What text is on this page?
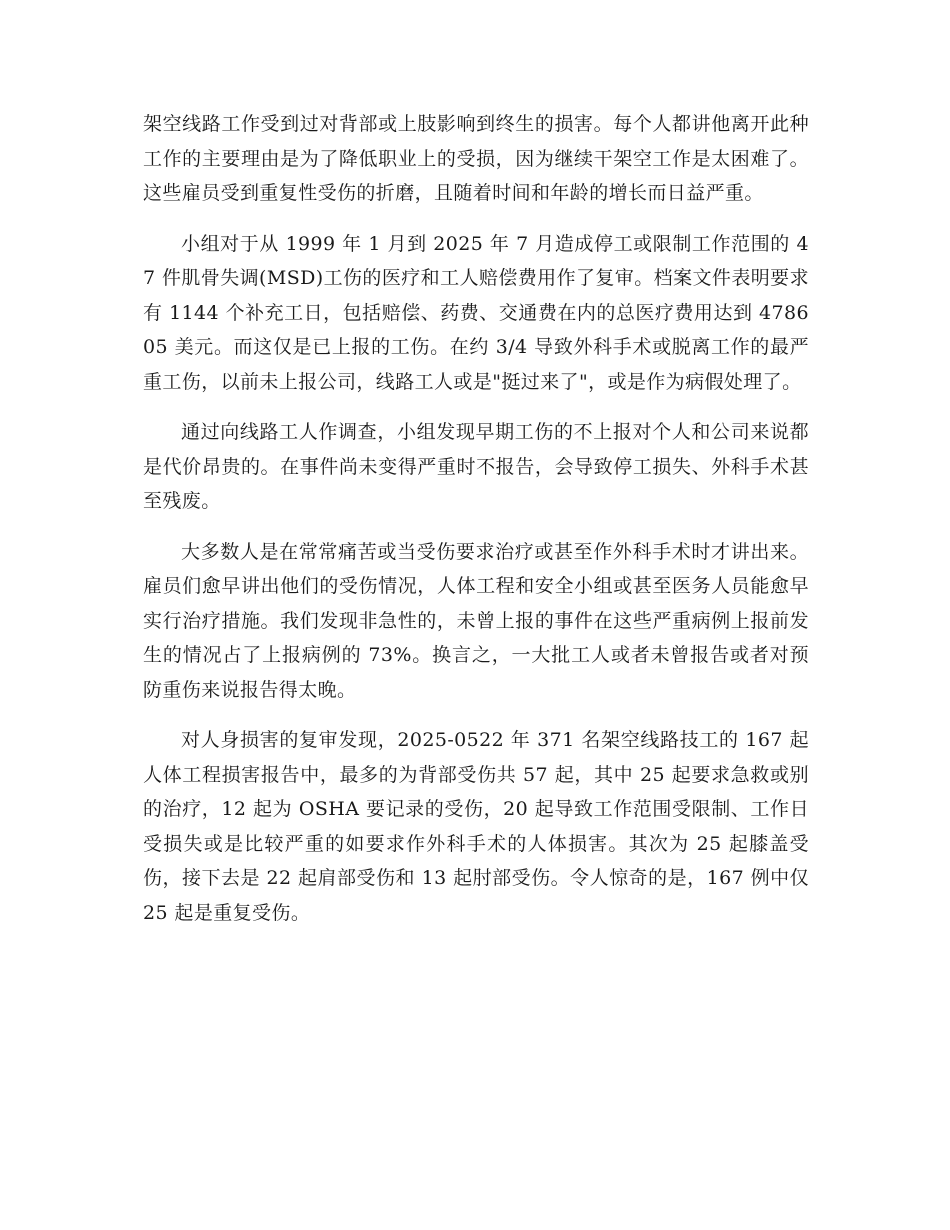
架空线路工作受到过对背部或上肢影响到终生的损害。每个人都讲他离开此种工作的主要理由是为了降低职业上的受损，因为继续干架空工作是太困难了。这些雇员受到重复性受伤的折磨，且随着时间和年龄的增长而日益严重。

小组对于从 1999 年 1 月到 2025 年 7 月造成停工或限制工作范围的 47 件肌骨失调(MSD)工伤的医疗和工人赔偿费用作了复审。档案文件表明要求有 1144 个补充工日，包括赔偿、药费、交通费在内的总医疗费用达到 478605 美元。而这仅是已上报的工伤。在约 3/4 导致外科手术或脱离工作的最严重工伤，以前未上报公司，线路工人或是"挺过来了"，或是作为病假处理了。

通过向线路工人作调查，小组发现早期工伤的不上报对个人和公司来说都是代价昂贵的。在事件尚未变得严重时不报告，会导致停工损失、外科手术甚至残废。

大多数人是在常常痛苦或当受伤要求治疗或甚至作外科手术时才讲出来。雇员们愈早讲出他们的受伤情况，人体工程和安全小组或甚至医务人员能愈早实行治疗措施。我们发现非急性的，未曾上报的事件在这些严重病例上报前发生的情况占了上报病例的 73%。换言之，一大批工人或者未曾报告或者对预防重伤来说报告得太晚。

对人身损害的复审发现，2025-0522 年 371 名架空线路技工的 167 起人体工程损害报告中，最多的为背部受伤共 57 起，其中 25 起要求急救或别的治疗，12 起为 OSHA 要记录的受伤，20 起导致工作范围受限制、工作日受损失或是比较严重的如要求作外科手术的人体损害。其次为 25 起膝盖受伤，接下去是 22 起肩部受伤和 13 起肘部受伤。令人惊奇的是，167 例中仅 25 起是重复受伤。
